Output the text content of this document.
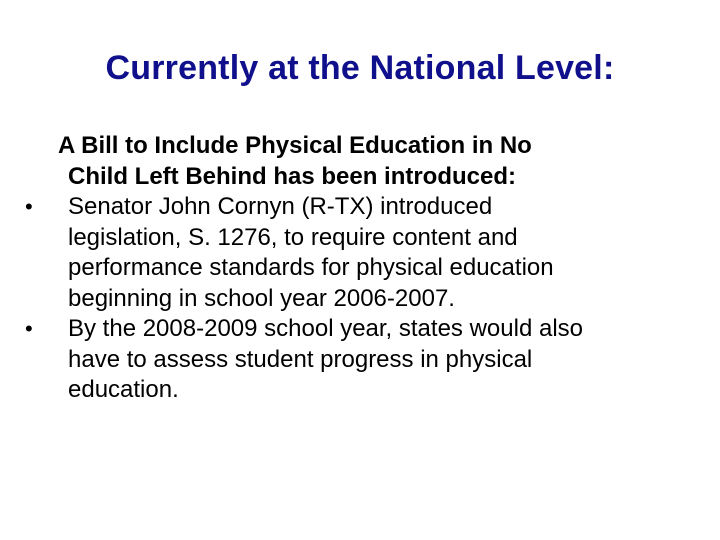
Currently at the National Level:

A Bill to Include Physical Education in No
Child Left Behind has been introduced:

• Senator John Cornyn (R-TX) introduced
legislation, S. 1276, to require content and
performance standards for physical education
beginning in school year 2006-2007.
• By the 2008-2009 school year, states would also
have to assess student progress in physical
education.
